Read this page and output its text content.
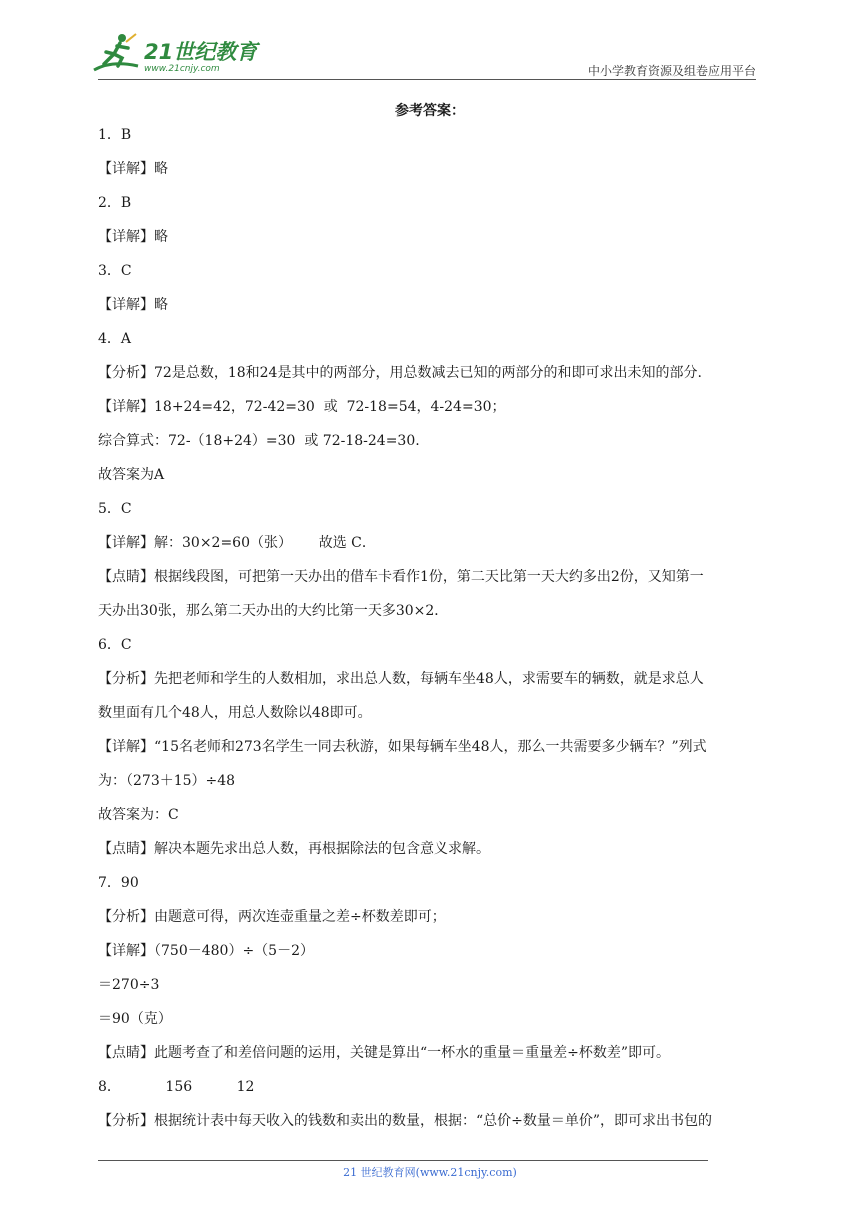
21世纪教育
www.21cnjy.com	中小学教育资源及组卷应用平台
参考答案：

1．B

【详解】略

2．B

【详解】略

3．C

【详解】略

4．A

【分析】72是总数，18和24是其中的两部分，用总数减去已知的两部分的和即可求出未知的部分.

【详解】18+24=42，72-42=30  或  72-18=54，4-24=30；

综合算式：72-（18+24）=30  或 72-18-24=30.

故答案为A

5．C

【详解】解：30×2=60（张）      故选 C．

【点睛】根据线段图，可把第一天办出的借车卡看作1份，第二天比第一天大约多出2份，又知第一

天办出30张，那么第二天办出的大约比第一天多30×2．

6．C

【分析】先把老师和学生的人数相加，求出总人数，每辆车坐48人，求需要车的辆数，就是求总人

数里面有几个48人，用总人数除以48即可。

【详解】“15名老师和273名学生一同去秋游，如果每辆车坐48人，那么一共需要多少辆车？”列式

为：（273＋15）÷48

故答案为：C

【点睛】解决本题先求出总人数，再根据除法的包含意义求解。

7．90

【分析】由题意可得，两次连壶重量之差÷杯数差即可；

【详解】（750－480）÷（5－2）

＝270÷3

＝90（克）

【点睛】此题考查了和差倍问题的运用，关键是算出“一杯水的重量＝重量差÷杯数差”即可。

8．          156          12

【分析】根据统计表中每天收入的钱数和卖出的数量，根据：“总价÷数量＝单价”，即可求出书包的

21 世纪教育网(www.21cnjy.com)
